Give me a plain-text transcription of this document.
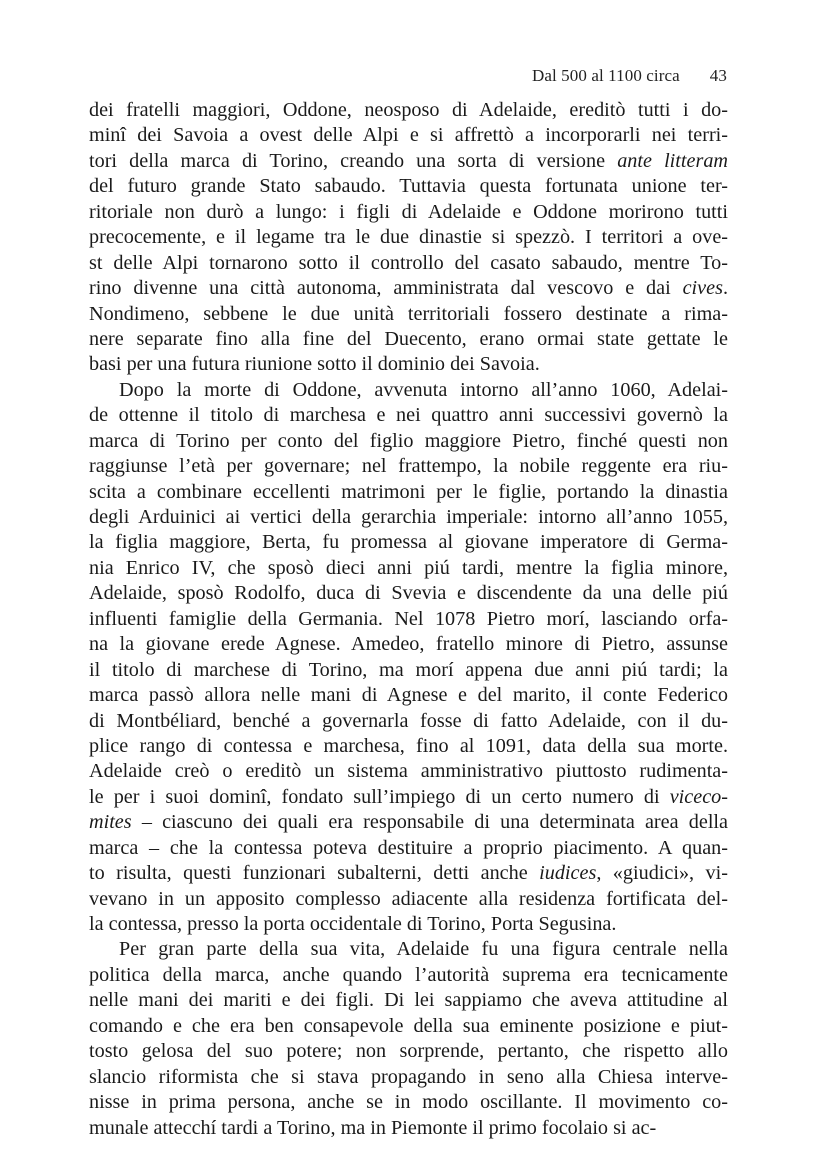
Dal 500 al 1100 circa 43
dei fratelli maggiori, Oddone, neosposo di Adelaide, ereditò tutti i do-
minî dei Savoia a ovest delle Alpi e si affrettò a incorporarli nei terri-
tori della marca di Torino, creando una sorta di versione ante litteram
del futuro grande Stato sabaudo. Tuttavia questa fortunata unione ter-
ritoriale non durò a lungo: i figli di Adelaide e Oddone morirono tutti
precocemente, e il legame tra le due dinastie si spezzò. I territori a ove-
st delle Alpi tornarono sotto il controllo del casato sabaudo, mentre To-
rino divenne una città autonoma, amministrata dal vescovo e dai cives.
Nondimeno, sebbene le due unità territoriali fossero destinate a rima-
nere separate fino alla fine del Duecento, erano ormai state gettate le
basi per una futura riunione sotto il dominio dei Savoia.
Dopo la morte di Oddone, avvenuta intorno all’anno 1060, Adelai-
de ottenne il titolo di marchesa e nei quattro anni successivi governò la
marca di Torino per conto del figlio maggiore Pietro, finché questi non
raggiunse l’età per governare; nel frattempo, la nobile reggente era riu-
scita a combinare eccellenti matrimoni per le figlie, portando la dinastia
degli Arduinici ai vertici della gerarchia imperiale: intorno all’anno 1055,
la figlia maggiore, Berta, fu promessa al giovane imperatore di Germa-
nia Enrico IV, che sposò dieci anni piú tardi, mentre la figlia minore,
Adelaide, sposò Rodolfo, duca di Svevia e discendente da una delle piú
influenti famiglie della Germania. Nel 1078 Pietro morí, lasciando orfa-
na la giovane erede Agnese. Amedeo, fratello minore di Pietro, assunse
il titolo di marchese di Torino, ma morí appena due anni piú tardi; la
marca passò allora nelle mani di Agnese e del marito, il conte Federico
di Montbéliard, benché a governarla fosse di fatto Adelaide, con il du-
plice rango di contessa e marchesa, fino al 1091, data della sua morte.
Adelaide creò o ereditò un sistema amministrativo piuttosto rudimenta-
le per i suoi dominî, fondato sull’impiego di un certo numero di viceco-
mites – ciascuno dei quali era responsabile di una determinata area della
marca – che la contessa poteva destituire a proprio piacimento. A quan-
to risulta, questi funzionari subalterni, detti anche iudices, «giudici», vi-
vevano in un apposito complesso adiacente alla residenza fortificata del-
la contessa, presso la porta occidentale di Torino, Porta Segusina.
Per gran parte della sua vita, Adelaide fu una figura centrale nella
politica della marca, anche quando l’autorità suprema era tecnicamente
nelle mani dei mariti e dei figli. Di lei sappiamo che aveva attitudine al
comando e che era ben consapevole della sua eminente posizione e piut-
tosto gelosa del suo potere; non sorprende, pertanto, che rispetto allo
slancio riformista che si stava propagando in seno alla Chiesa interve-
nisse in prima persona, anche se in modo oscillante. Il movimento co-
munale attecchí tardi a Torino, ma in Piemonte il primo focolaio si ac-
